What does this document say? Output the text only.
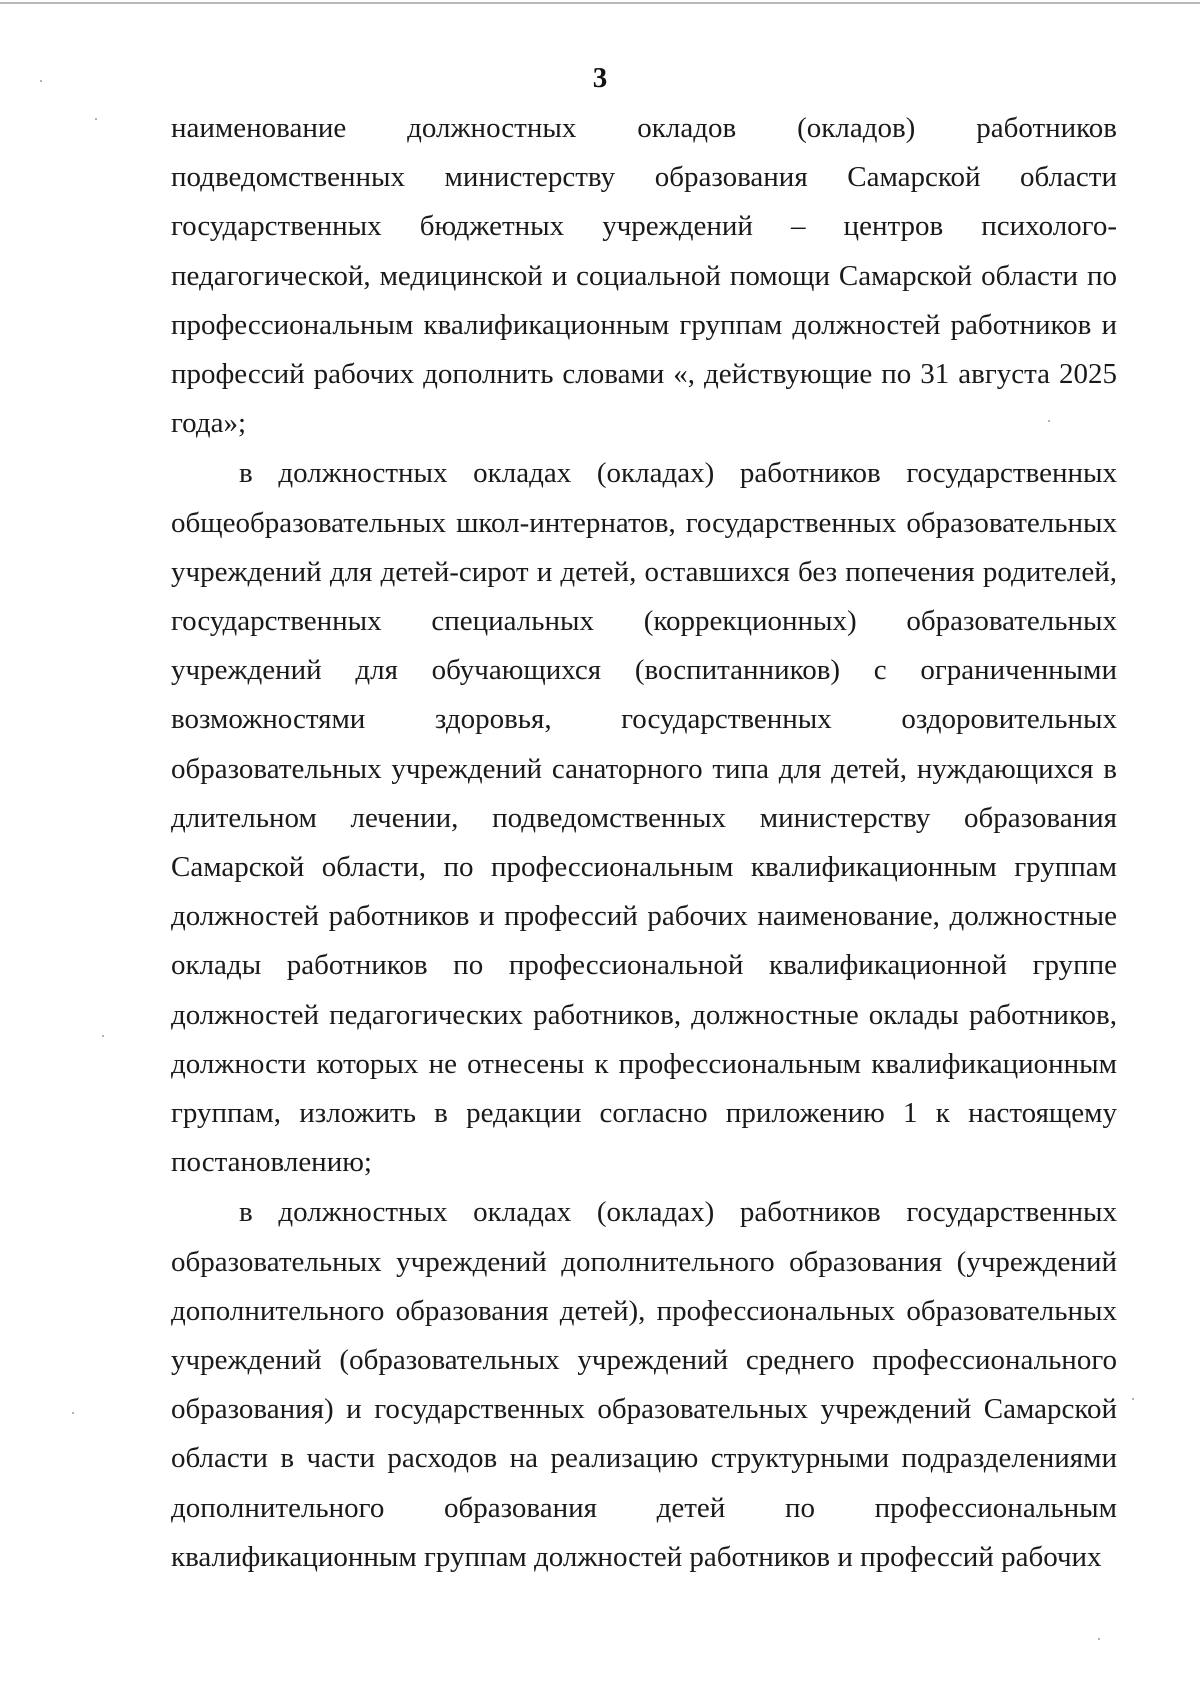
3

наименование должностных окладов (окладов) работников подведомственных министерству образования Самарской области государственных бюджетных учреждений – центров психолого-педагогической, медицинской и социальной помощи Самарской области по профессиональным квалификационным группам должностей работников и профессий рабочих дополнить словами «, действующие по 31 августа 2025 года»;

в должностных окладах (окладах) работников государственных общеобразовательных школ-интернатов, государственных образовательных учреждений для детей-сирот и детей, оставшихся без попечения родителей, государственных специальных (коррекционных) образовательных учреждений для обучающихся (воспитанников) с ограниченными возможностями здоровья, государственных оздоровительных образовательных учреждений санаторного типа для детей, нуждающихся в длительном лечении, подведомственных министерству образования Самарской области, по профессиональным квалификационным группам должностей работников и профессий рабочих наименование, должностные оклады работников по профессиональной квалификационной группе должностей педагогических работников, должностные оклады работников, должности которых не отнесены к профессиональным квалификационным группам, изложить в редакции согласно приложению 1 к настоящему постановлению;

в должностных окладах (окладах) работников государственных образовательных учреждений дополнительного образования (учреждений дополнительного образования детей), профессиональных образовательных учреждений (образовательных учреждений среднего профессионального образования) и государственных образовательных учреждений Самарской области в части расходов на реализацию структурными подразделениями дополнительного образования детей по профессиональным квалификационным группам должностей работников и профессий рабочих
